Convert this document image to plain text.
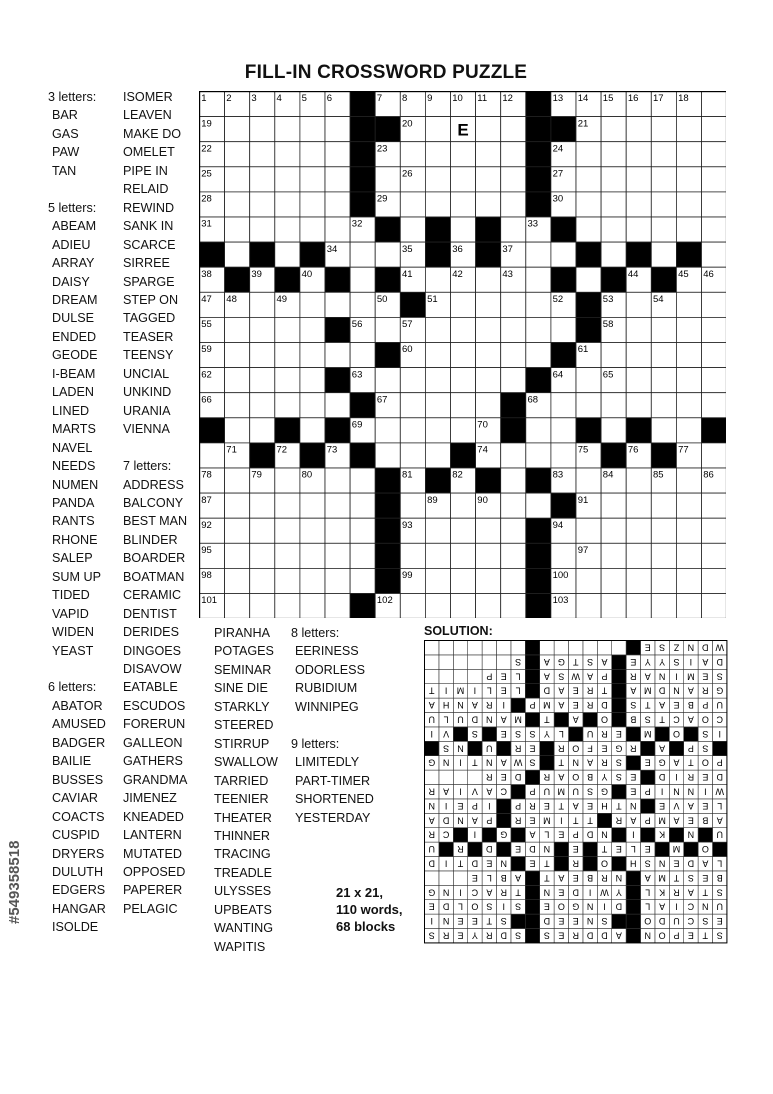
FILL-IN CROSSWORD PUZZLE
3 letters:
BAR
GAS
PAW
TAN
5 letters:
ABEAM
ADIEU
ARRAY
DAISY
DREAM
DULSE
ENDED
GEODE
I-BEAM
LADEN
LINED
MARTS
NAVEL
NEEDS
NUMEN
PANDA
RANTS
RHONE
SALEP
SUM UP
TIDED
VAPID
WIDEN
YEAST
6 letters:
ABATOR
AMUSED
BADGER
BAILIE
BUSSES
CAVIAR
COACTS
CUSPID
DRYERS
DULUTH
EDGERS
HANGAR
ISOLDE
ISOMER
LEAVEN
MAKE DO
OMELET
PIPE IN
RELAID
REWIND
SANK IN
SCARCE
SIRREE
SPARGE
STEP ON
TAGGED
TEASER
TEENSY
UNCIAL
UNKIND
URANIA
VIENNA
7 letters:
ADDRESS
BALCONY
BEST MAN
BLINDER
BOARDER
BOATMAN
CERAMIC
DENTIST
DERIDES
DINGOES
DISAVOW
EATABLE
ESCUDOS
FORERUN
GALLEON
GATHERS
GRANDMA
JIMENEZ
KNEADED
LANTERN
MUTATED
OPPOSED
PAPERER
PELAGIC
PIRANHA
POTAGES
SEMINAR
SINE DIE
STARKLY
STEERED
STIRRUP
SWALLOW
TARRIED
TEENIER
THEATER
THINNER
TRACING
TREADLE
ULYSSES
UPBEATS
WANTING
WAPITIS
8 letters:
EERINESS
ODORLESS
RUBIDIUM
WINNIPEG
9 letters:
LIMITEDLY
PART-TIMER
SHORTENED
YESTERDAY
1 2 3 4 5 6	7 8 9 10 11 12	13 14 15 16 17 18
19	20	21
22	23	24
25	26	27
28	29	30
31	32	33
34	35	36	37
38	39	40	41	42	43	44	45 46
47 48	49	50	51	52	53	54
55	56	57	58
59	60	61
62	63	64	65
66	67	68
69	70
71	72	73	74	75	76	77
78	79	80	81	82	83	84	85	86
87	88	89	90	91
92	93	94
95	96	97
98	99	100
101	102	103
E
SOLUTION:
S
T
E
P
O
N
A
D
D
R
E
S
S
D
R
Y
E
R
S
E
S
C
U
D
O
S
N
E
E
D
S
T
E
E
N
I
U
N
C
I
A
L
D
I
N
G
O
E
S
I
S
O
L
D
E
S
T
A
R
K
L
Y
W
I
D
E
N
T
R
A
C
I
N
G
B
E
S
T
M
A
N
R
B
E
A
T
A
B
L
E
L
A
D
E
N
S
H
O
R
T
E
N
E
D
T
I
D
O
M
E
L
E
T
E
N
D
E
D
R
U
U
N
K
I
N
D
P
E
L
A
G
I
C
R
A
B
E
A
M
P
A
R
T
T
I
M
E
R
P
A
N
D
A
L
E
A
V
E
N
T
H
E
A
T
E
R
P
I
P
E
I
N
W
I
N
N
I
P
E
G
S
U
M
U
P
C
A
V
I
A
R
D
E
R
I
D
E
S
Y
B
O
A
R
D
E
R
P
O
T
A
G
E
S
R
A
N
T
S
W
A
N
T
I
N
G
S
P
A
R
G
E
F
O
R
E
R
U
N
S
I
S
O
M
E
R
U
L
Y
S
S
E
S
V
I
C
O
A
C
T
S
B
O
A
T
M
A
N
D
U
L
U
U
P
B
E
A
T
S
D
R
E
A
M
P
I
R
A
N
H
A
G
R
A
N
D
M
A
T
R
E
A
D
L
E
L
I
M
I
T
S
E
M
I
N
A
R
P
A
W
S
A
L
E
P
D
A
I
S
Y
Y
E
A
S
T
G
A
S
W
D
N
Z
S
E
21 x 21,
110 words,
68 blocks
#549358518
